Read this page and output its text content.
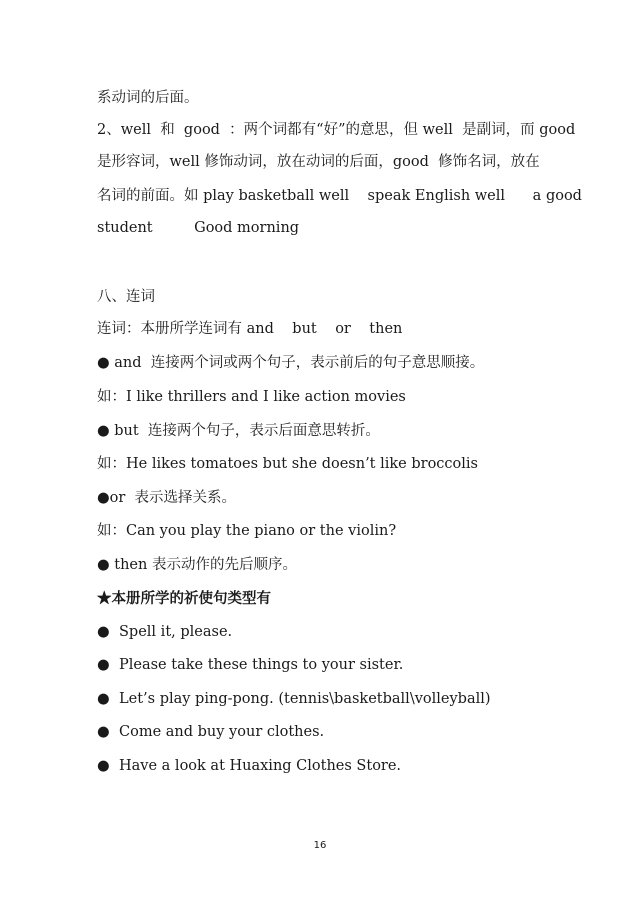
系动词的后面。
2、well  和  good  ：两个词都有“好”的意思，但 well  是副词，而 good
是形容词，well 修饰动词，放在动词的后面，good  修饰名词，放在
名词的前面。如 play basketball well    speak English well      a good
student         Good morning
八、连词
连词：本册所学连词有 and    but    or    then
● and  连接两个词或两个句子，表示前后的句子意思顺接。
如：I like thrillers and I like action movies
● but  连接两个句子，表示后面意思转折。
如：He likes tomatoes but she doesn’t like broccolis
●or  表示选择关系。
如：Can you play the piano or the violin?
● then 表示动作的先后顺序。
★本册所学的祈使句类型有
● Spell it, please.
● Please take these things to your sister.
● Let’s play ping-pong. (tennis\basketball\volleyball)
● Come and buy your clothes.
● Have a look at Huaxing Clothes Store.
16
